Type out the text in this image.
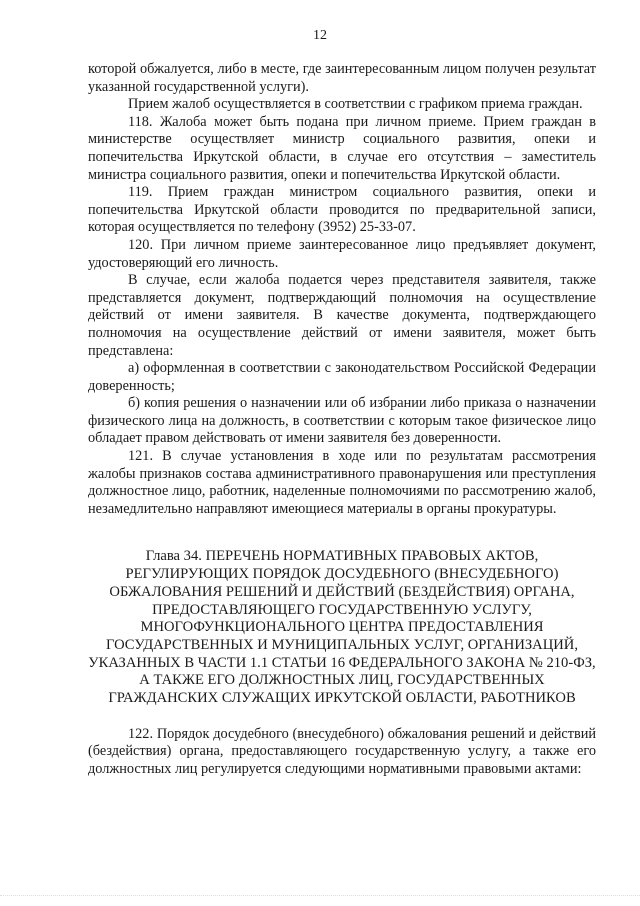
12

которой обжалуется, либо в месте, где заинтересованным лицом получен результат указанной государственной услуги).

Прием жалоб осуществляется в соответствии с графиком приема граждан.

118. Жалоба может быть подана при личном приеме. Прием граждан в министерстве осуществляет министр социального развития, опеки и попечительства Иркутской области, в случае его отсутствия – заместитель министра социального развития, опеки и попечительства Иркутской области.

119. Прием граждан министром социального развития, опеки и попечительства Иркутской области проводится по предварительной записи, которая осуществляется по телефону (3952) 25-33-07.

120. При личном приеме заинтересованное лицо предъявляет документ, удостоверяющий его личность.

В случае, если жалоба подается через представителя заявителя, также представляется документ, подтверждающий полномочия на осуществление действий от имени заявителя. В качестве документа, подтверждающего полномочия на осуществление действий от имени заявителя, может быть представлена:

а) оформленная в соответствии с законодательством Российской Федерации доверенность;

б) копия решения о назначении или об избрании либо приказа о назначении физического лица на должность, в соответствии с которым такое физическое лицо обладает правом действовать от имени заявителя без доверенности.

121. В случае установления в ходе или по результатам рассмотрения жалобы признаков состава административного правонарушения или преступления должностное лицо, работник, наделенные полномочиями по рассмотрению жалоб, незамедлительно направляют имеющиеся материалы в органы прокуратуры.

Глава 34. ПЕРЕЧЕНЬ НОРМАТИВНЫХ ПРАВОВЫХ АКТОВ, РЕГУЛИРУЮЩИХ ПОРЯДОК ДОСУДЕБНОГО (ВНЕСУДЕБНОГО) ОБЖАЛОВАНИЯ РЕШЕНИЙ И ДЕЙСТВИЙ (БЕЗДЕЙСТВИЯ) ОРГАНА, ПРЕДОСТАВЛЯЮЩЕГО ГОСУДАРСТВЕННУЮ УСЛУГУ, МНОГОФУНКЦИОНАЛЬНОГО ЦЕНТРА ПРЕДОСТАВЛЕНИЯ ГОСУДАРСТВЕННЫХ И МУНИЦИПАЛЬНЫХ УСЛУГ, ОРГАНИЗАЦИЙ, УКАЗАННЫХ В ЧАСТИ 1.1 СТАТЬИ 16 ФЕДЕРАЛЬНОГО ЗАКОНА № 210-ФЗ, А ТАКЖЕ ЕГО ДОЛЖНОСТНЫХ ЛИЦ, ГОСУДАРСТВЕННЫХ ГРАЖДАНСКИХ СЛУЖАЩИХ ИРКУТСКОЙ ОБЛАСТИ, РАБОТНИКОВ

122. Порядок досудебного (внесудебного) обжалования решений и действий (бездействия) органа, предоставляющего государственную услугу, а также его должностных лиц регулируется следующими нормативными правовыми актами:
